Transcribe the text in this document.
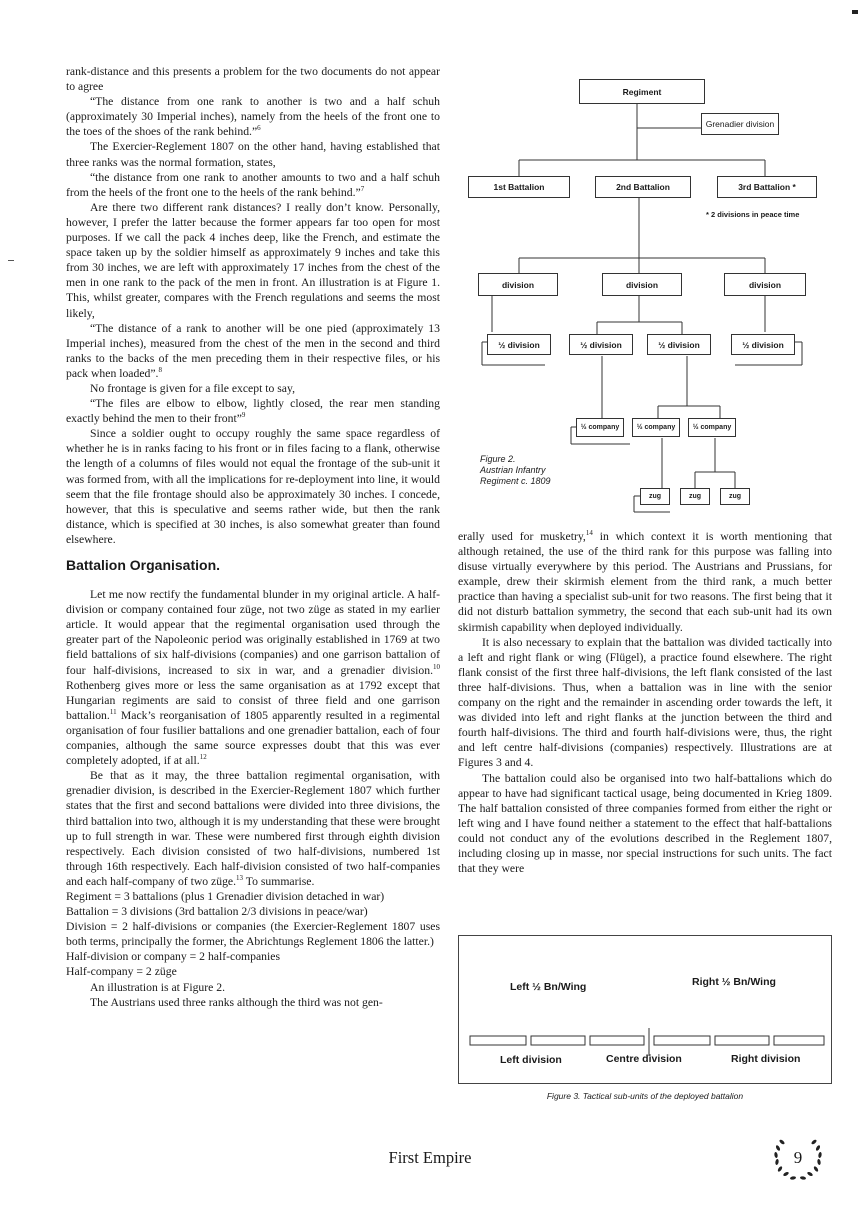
rank-distance and this presents a problem for the two documents do not appear to agree

“The distance from one rank to another is two and a half schuh (approximately 30 Imperial inches), namely from the heels of the front one to the toes of the shoes of the rank behind.”$^6$

The Exercier-Reglement 1807 on the other hand, having established that three ranks was the normal formation, states,

“the distance from one rank to another amounts to two and a half schuh from the heels of the front one to the heels of the rank behind.”$^7$

Are there two different rank distances? I really don’t know. Personally, however, I prefer the latter because the former appears far too open for most purposes. If we call the pack 4 inches deep, like the French, and estimate the space taken up by the soldier himself as approximately 9 inches and take this from 30 inches, we are left with approximately 17 inches from the chest of the men in one rank to the pack of the men in front. An illustration is at Figure 1. This, whilst greater, compares with the French regulations and seems the most likely,

“The distance of a rank to another will be one pied (approximately 13 Imperial inches), measured from the chest of the men in the second and third ranks to the backs of the men preceding them in their respective files, or his pack when loaded”.$^8$

No frontage is given for a file except to say,

“The files are elbow to elbow, lightly closed, the rear men standing exactly behind the men to their front”$^9$

Since a soldier ought to occupy roughly the same space regardless of whether he is in ranks facing to his front or in files facing to a flank, otherwise the length of a columns of files would not equal the frontage of the sub-unit it was formed from, with all the implications for re-deployment into line, it would seem that the file frontage should also be approximately 30 inches. I concede, however, that this is speculative and seems rather wide, but then the rank distance, which is specified at 30 inches, is also somewhat greater than found elsewhere.

Battalion Organisation.

Let me now rectify the fundamental blunder in my original article. A half-division or company contained four züge, not two züge as stated in my earlier article. It would appear that the regimental organisation used through the greater part of the Napoleonic period was originally established in 1769 at two field battalions of six half-divisions (companies) and one garrison battalion of four half-divisions, increased to six in war, and a grenadier division.$^{10}$ Rothenberg gives more or less the same organisation as at 1792 except that Hungarian regiments are said to consist of three field and one garrison battalion.$^{11}$ Mack’s reorganisation of 1805 apparently resulted in a regimental organisation of four fusilier battalions and one grenadier battalion, each of four companies, although the same source expresses doubt that this was ever completely adopted, if at all.$^{12}$

Be that as it may, the three battalion regimental organisation, with grenadier division, is described in the Exercier-Reglement 1807 which further states that the first and second battalions were divided into three divisions, the third battalion into two, although it is my understanding that these were brought up to full strength in war. These were numbered first through eighth division respectively. Each division consisted of two half-divisions, numbered 1st through 16th respectively. Each half-division consisted of two half-companies and each half-company of two züge.$^{13}$ To summarise.

Regiment = 3 battalions (plus 1 Grenadier division detached in war)

Battalion = 3 divisions (3rd battalion 2/3 divisions in peace/war)

Division = 2 half-divisions or companies (the Exercier-Reglement 1807 uses both terms, principally the former, the Abrichtungs Reglement 1806 the latter.)

Half-division or company = 2 half-companies

Half-company = 2 züge

An illustration is at Figure 2.

The Austrians used three ranks although the third was not gen-

Regiment
Grenadier division
1st Battalion	2nd Battalion	3rd Battalion *
* 2 divisions in peace time
division	division	division
½ division	½ division	½ division	½ division
½ company	½ company	½ company
zug	zug	zug
Figure 2.
Austrian Infantry
Regiment c. 1809

erally used for musketry,$^{14}$ in which context it is worth mentioning that although retained, the use of the third rank for this purpose was falling into disuse virtually everywhere by this period. The Austrians and Prussians, for example, drew their skirmish element from the third rank, a much better practice than having a specialist sub-unit for two reasons. The first being that it did not disturb battalion symmetry, the second that each sub-unit had its own skirmish capability when deployed individually.

It is also necessary to explain that the battalion was divided tactically into a left and right flank or wing (Flügel), a practice found elsewhere. The right flank consist of the first three half-divisions, the left flank consisted of the last three half-divisions. Thus, when a battalion was in line with the senior company on the right and the remainder in ascending order towards the left, it was divided into left and right flanks at the junction between the third and fourth half-divisions. The third and fourth half-divisions were, thus, the right and left centre half-divisions (companies) respectively. Illustrations are at Figures 3 and 4.

The battalion could also be organised into two half-battalions which do appear to have had significant tactical usage, being documented in Krieg 1809. The half battalion consisted of three companies formed from either the right or left wing and I have found neither a statement to the effect that half-battalions could not conduct any of the evolutions described in the Reglement 1807, including closing up in masse, nor special instructions for such units. The fact that they were

Left ½ Bn/Wing	Right ½ Bn/Wing
Left division	Centre division	Right division
Figure 3. Tactical sub-units of the deployed battalion
First Empire	9
